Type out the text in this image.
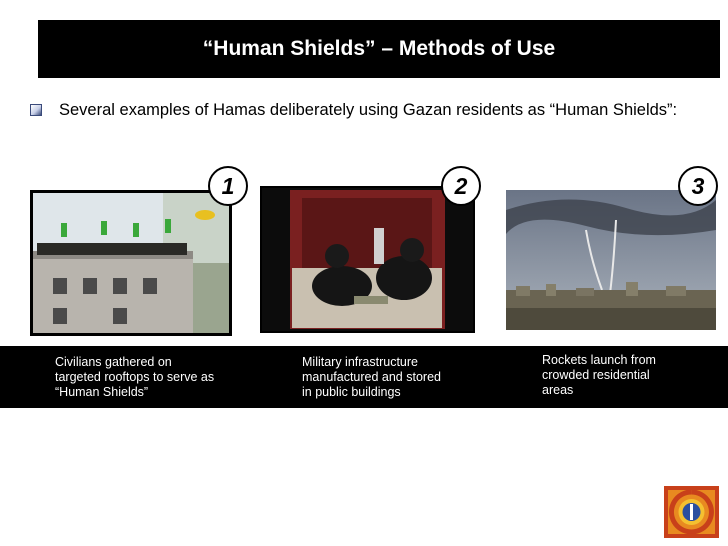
“Human Shields” – Methods of Use
Several examples of Hamas deliberately using Gazan residents as “Human Shields”:
1	2	3
Civilians gathered on
targeted rooftops to serve as
“Human Shields”
Military infrastructure
manufactured and stored
in public buildings
Rockets launch from
crowded residential
areas
